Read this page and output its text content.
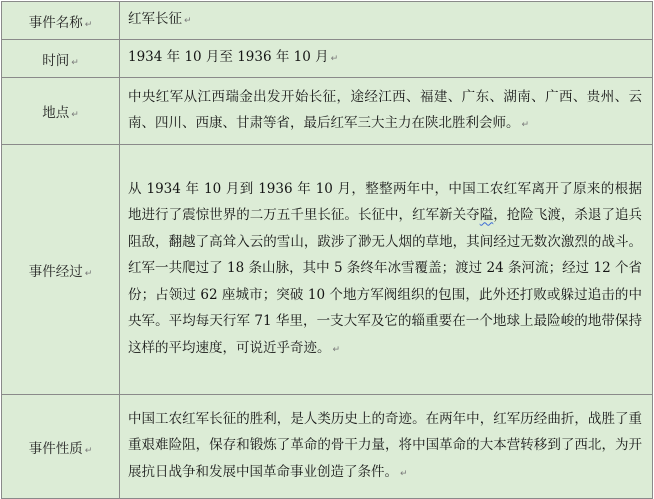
事件名称 ↵	红军长征 ↵
时间 ↵	1934 年 10 月至 1936 年 10 月 ↵
地点 ↵	中央红军从江西瑞金出发开始长征，途经江西、福建、广东、湖南、广西、贵州、云南、四川、西康、甘肃等省，最后红军三大主力在陕北胜利会师。 ↵
事件经过 ↵	从 1934 年 10 月到 1936 年 10 月，整整两年中，中国工农红军离开了原来的根据地进行了震惊世界的二万五千里长征。长征中，红军新关夺隘，抢险飞渡，杀退了追兵阻敌，翻越了高耸入云的雪山，跋涉了渺无人烟的草地，其间经过无数次激烈的战斗。红军一共爬过了 18 条山脉，其中 5 条终年冰雪覆盖；渡过 24 条河流；经过 12 个省份；占领过 62 座城市；突破 10 个地方军阀组织的包围，此外还打败或躲过追击的中央军。平均每天行军 71 华里，一支大军及它的辎重要在一个地球上最险峻的地带保持这样的平均速度，可说近乎奇迹。 ↵
事件性质 ↵	中国工农红军长征的胜利，是人类历史上的奇迹。在两年中，红军历经曲折，战胜了重重艰难险阻，保存和锻炼了革命的骨干力量，将中国革命的大本营转移到了西北，为开展抗日战争和发展中国革命事业创造了条件。 ↵
